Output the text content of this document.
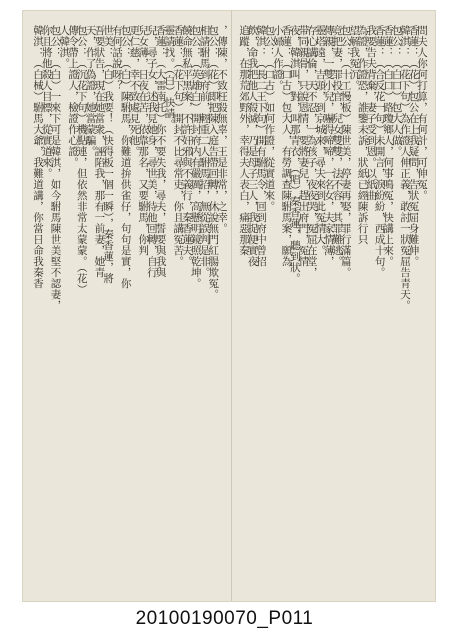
問夫人你何打算，有何計，可伸冤。
香蓮：（花）包公在上我疑問，告狀冤屈身難伸。
韓淇：（花下句）為作證人伸正義，敢討一狀冤屈告青天。
包公：（白口）包大人做。
香蓮：（白口）路瓊鄉人，何事鳴冤，快講上來。
香蓮：（合反花一句）未開言，淚紛紛，西成十句。
我要告夫背棄，妻子受到恩。以紙曲
為證，作證恐，誰鑒未訴，狀紙已經陳訴行只
望解我冤沉。
包公：（十工慢板）陳世美，停妻再娶，罪行滿篇。
竟把妻，罪投官，兒女雙雙，法不容，其罪難逃。
傳親，一雙小兒，嚇得啼啼，一名女，夫家情薄，
靈塔遠，吉頭，到京城來，尋夫來到此冤情大。
存心講倫，天不忍，一為孩子，夜夜哭，冤屈在堂，
带同親骨，只說恩情，要將妻兒，趕出府門，冤情
夜，韓淇叫，對，叫那青衣，（唱）秦香蓮，聽到狀。
香蓮：（口古）包大人，有勞調查陳駙馬案，願為
小婦人作證。
包公：（口古）如何作證，從實道來。
韓淇：（長二王下句）開有駙馬令，回到府中曾招
飲，命我把他人殺滅，乃是母子三人，我捉便實夜
追蹤，在那荒郊野外，幸得夫人表白，痛惡那秦
，傳陳，不致枉殺無辜，王是非常，之幸。
包公：（花）即把陳入庭告帶回轉，休說無門紅腸欺冤。
相請駙馬到府前，輕重二人駙馬招，無從誤判是非。
包公：（英雄白）開封府内有嚴厲，高懸明鏡照乾坤。
饒命無私平黑案，不許奸邪與不義行，秦香蓮夫。
香蓮：（花下句）開封不比尋常吏，你且講冤苦。
靈請找。（白）快請。
香蓮：（大雷南托）你不要失我，尋夫，誓要與我與
兒，尋子女，述我見她身，尋世美，待他回轉，自行
兒女薄，日夜在苦，依靠那名，又要駙馬，你判
更仁慈，幸不致處見死他。
包公：（白）陳駙馬，你難道拚供雀仔，句句是實，你
有何話說呀？
世美：（白）我要！（快得板一個一瞬），秦香蓮，將
吾要狀告，現在她當衆，誣陷我，那有一前妻，她青
天，作了偽證，她當蒙騙。
包公：（沉花下句）機點連，但依然非常太蒙蒙。（花）
傳令帶上證人，檢證作心證。
人韓淇。
包公：（白）一來下可是韓淇，如今駙馬陳世美堅不認妻，
你且將他殺人目標，從實道來。
韓淇：（白械）駙馬大爺，我難道講，你當日命我秦香
20100190070_P011
